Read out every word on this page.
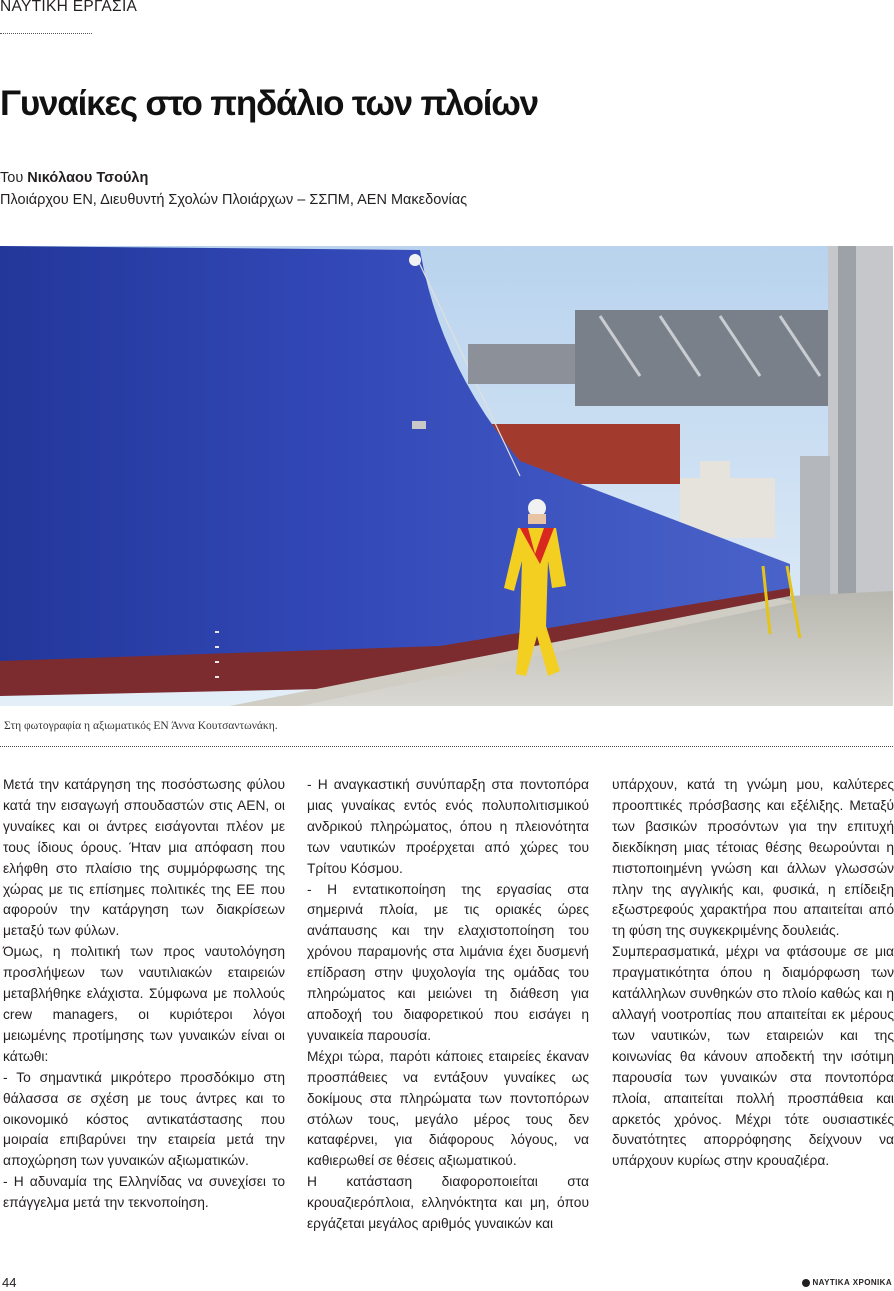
ΝΑΥΤΙΚΗ ΕΡΓΑΣΙΑ
Γυναίκες στο πηδάλιο των πλοίων
Του Νικόλαου Τσούλη
Πλοιάρχου ΕΝ, Διευθυντή Σχολών Πλοιάρχων – ΣΣΠΜ, ΑΕΝ Μακεδονίας
Στη φωτογραφία η αξιωματικός ΕΝ Άννα Κουτσαντωνάκη.

Μετά την κατάργηση της ποσόστωσης φύλου κατά την εισαγωγή σπουδαστών στις ΑΕΝ, οι γυναίκες και οι άντρες εισάγονται πλέον με τους ίδιους όρους. Ήταν μια απόφαση που ελήφθη στο πλαίσιο της συμμόρφωσης της χώρας με τις επίσημες πολιτικές της ΕΕ που αφορούν την κατάργηση των διακρίσεων μεταξύ των φύλων.

Όμως, η πολιτική των προς ναυτολόγηση προσλήψεων των ναυτιλιακών εταιρειών μεταβλήθηκε ελάχιστα. Σύμφωνα με πολλούς crew managers, οι κυριότεροι λόγοι μειωμένης προτίμησης των γυναικών είναι οι κάτωθι:

- Το σημαντικά μικρότερο προσδόκιμο στη θάλασσα σε σχέση με τους άντρες και το οικονομικό κόστος αντικατάστασης που μοιραία επιβαρύνει την εταιρεία μετά την αποχώρηση των γυναικών αξιωματικών.

- Η αδυναμία της Ελληνίδας να συνεχίσει το επάγγελμα μετά την τεκνοποίηση.

- Η αναγκαστική συνύπαρξη στα ποντοπόρα μιας γυναίκας εντός ενός πολυπολιτισμικού ανδρικού πληρώματος, όπου η πλειονότητα των ναυτικών προέρχεται από χώρες του Τρίτου Κόσμου.

- Η εντατικοποίηση της εργασίας στα σημερινά πλοία, με τις οριακές ώρες ανάπαυσης και την ελαχιστοποίηση του χρόνου παραμονής στα λιμάνια έχει δυσμενή επίδραση στην ψυχολογία της ομάδας του πληρώματος και μειώνει τη διάθεση για αποδοχή του διαφορετικού που εισάγει η γυναικεία παρουσία.

Μέχρι τώρα, παρότι κάποιες εταιρείες έκαναν προσπάθειες να εντάξουν γυναίκες ως δοκίμους στα πληρώματα των ποντοπόρων στόλων τους, μεγάλο μέρος τους δεν καταφέρνει, για διάφορους λόγους, να καθιερωθεί σε θέσεις αξιωματικού.

Η κατάσταση διαφοροποιείται στα κρουαζιερόπλοια, ελληνόκτητα και μη, όπου εργάζεται μεγάλος αριθμός γυναικών και

υπάρχουν, κατά τη γνώμη μου, καλύτερες προοπτικές πρόσβασης και εξέλιξης. Μεταξύ των βασικών προσόντων για την επιτυχή διεκδίκηση μιας τέτοιας θέσης θεωρούνται η πιστοποιημένη γνώση και άλλων γλωσσών πλην της αγγλικής και, φυσικά, η επίδειξη εξωστρεφούς χαρακτήρα που απαιτείται από τη φύση της συγκεκριμένης δουλειάς.

Συμπερασματικά, μέχρι να φτάσουμε σε μια πραγματικότητα όπου η διαμόρφωση των κατάλληλων συνθηκών στο πλοίο καθώς και η αλλαγή νοοτροπίας που απαιτείται εκ μέρους των ναυτικών, των εταιρειών και της κοινωνίας θα κάνουν αποδεκτή την ισότιμη παρουσία των γυναικών στα ποντοπόρα πλοία, απαιτείται πολλή προσπάθεια και αρκετός χρόνος. Μέχρι τότε ουσιαστικές δυνατότητες απορρόφησης δείχνουν να υπάρχουν κυρίως στην κρουαζιέρα.

44	ΝΑΥΤΙΚΑ ΧΡΟΝΙΚΑ
